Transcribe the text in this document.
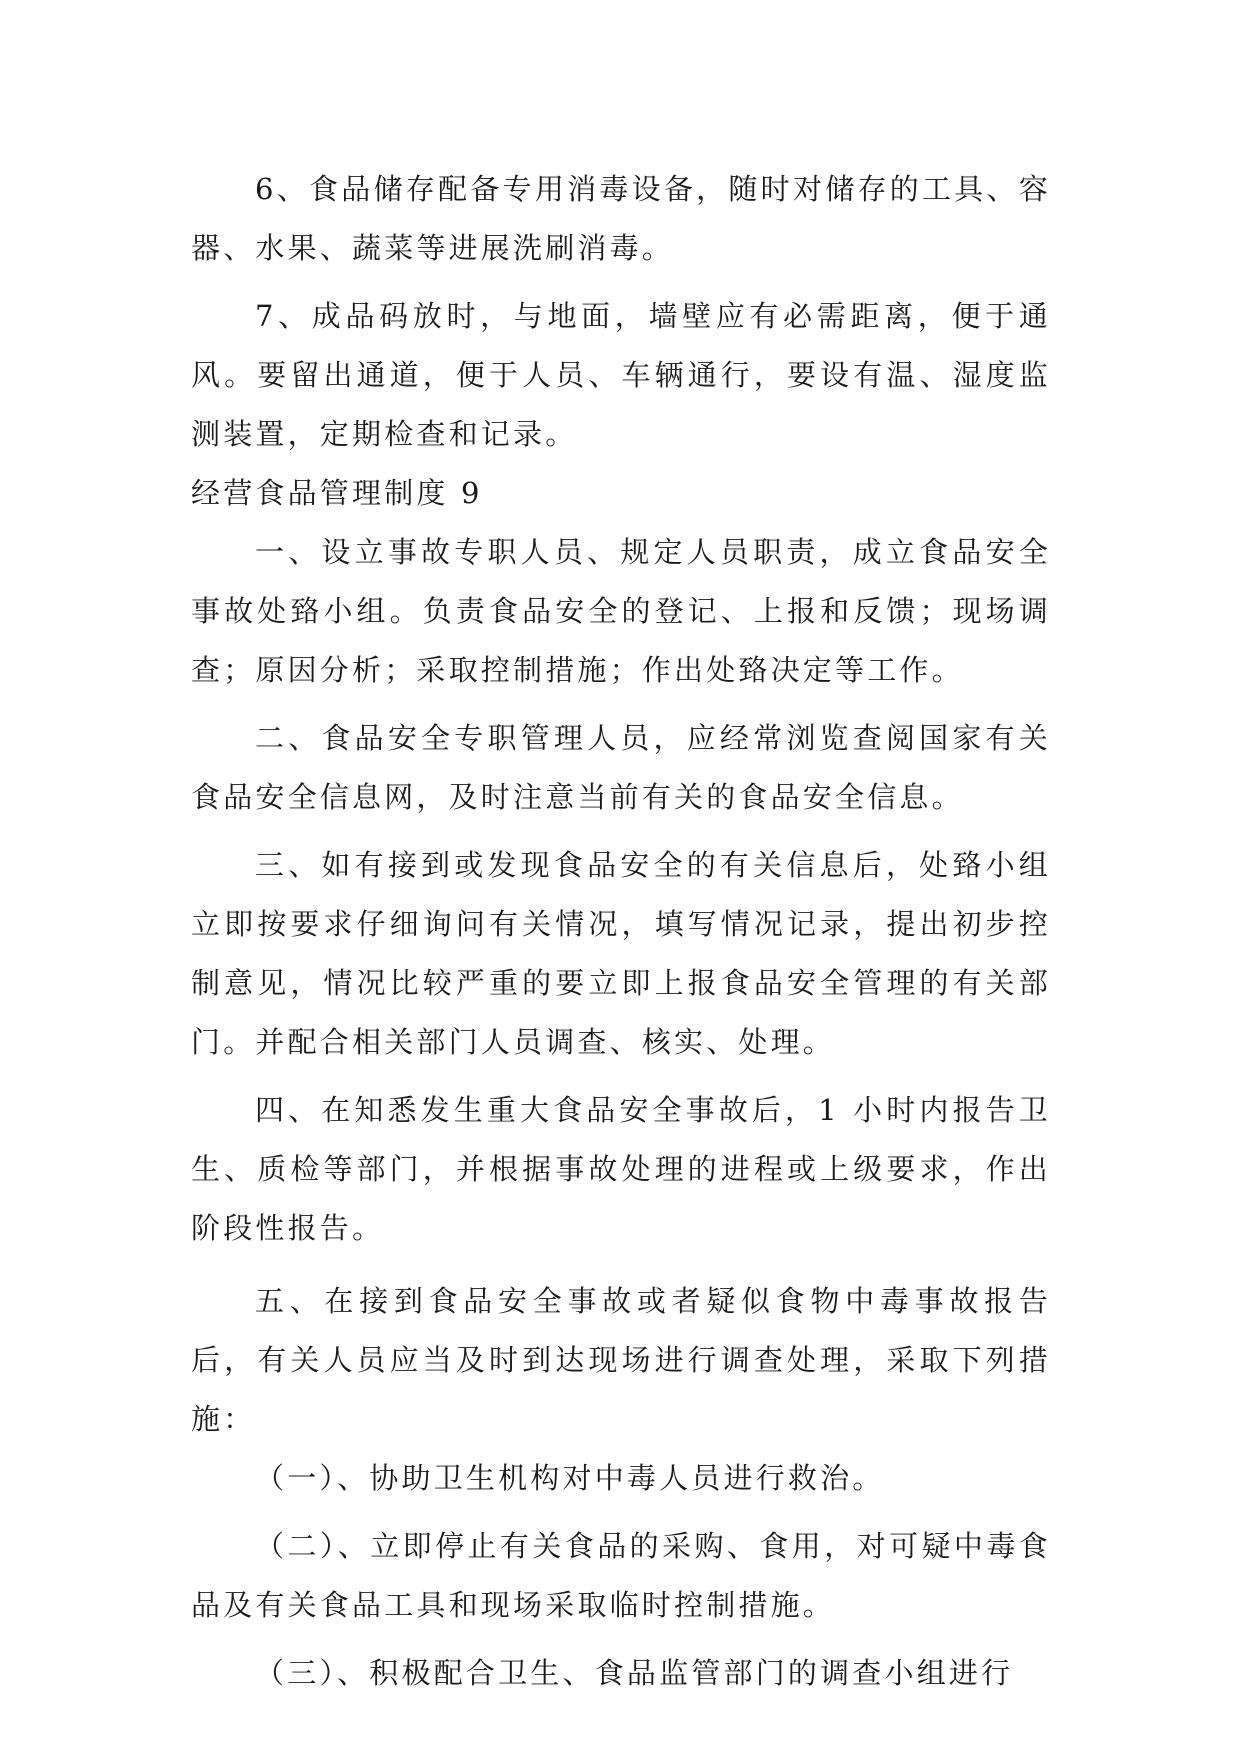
6、食品储存配备专用消毒设备，随时对储存的工具、容器、水果、蔬菜等进展洗刷消毒。

7、成品码放时，与地面，墙壁应有必需距离，便于通风。要留出通道，便于人员、车辆通行，要设有温、湿度监测装置，定期检查和记录。

经营食品管理制度 9

一、设立事故专职人员、规定人员职责，成立食品安全事故处臵小组。负责食品安全的登记、上报和反馈；现场调查；原因分析；采取控制措施；作出处臵决定等工作。

二、食品安全专职管理人员，应经常浏览查阅国家有关食品安全信息网，及时注意当前有关的食品安全信息。

三、如有接到或发现食品安全的有关信息后，处臵小组立即按要求仔细询问有关情况，填写情况记录，提出初步控制意见，情况比较严重的要立即上报食品安全管理的有关部门。并配合相关部门人员调查、核实、处理。

四、在知悉发生重大食品安全事故后，1 小时内报告卫生、质检等部门，并根据事故处理的进程或上级要求，作出阶段性报告。

五、在接到食品安全事故或者疑似食物中毒事故报告后，有关人员应当及时到达现场进行调查处理，采取下列措施：

（一）、协助卫生机构对中毒人员进行救治。

（二）、立即停止有关食品的采购、食用，对可疑中毒食品及有关食品工具和现场采取临时控制措施。

（三）、积极配合卫生、食品监管部门的调查小组进行
